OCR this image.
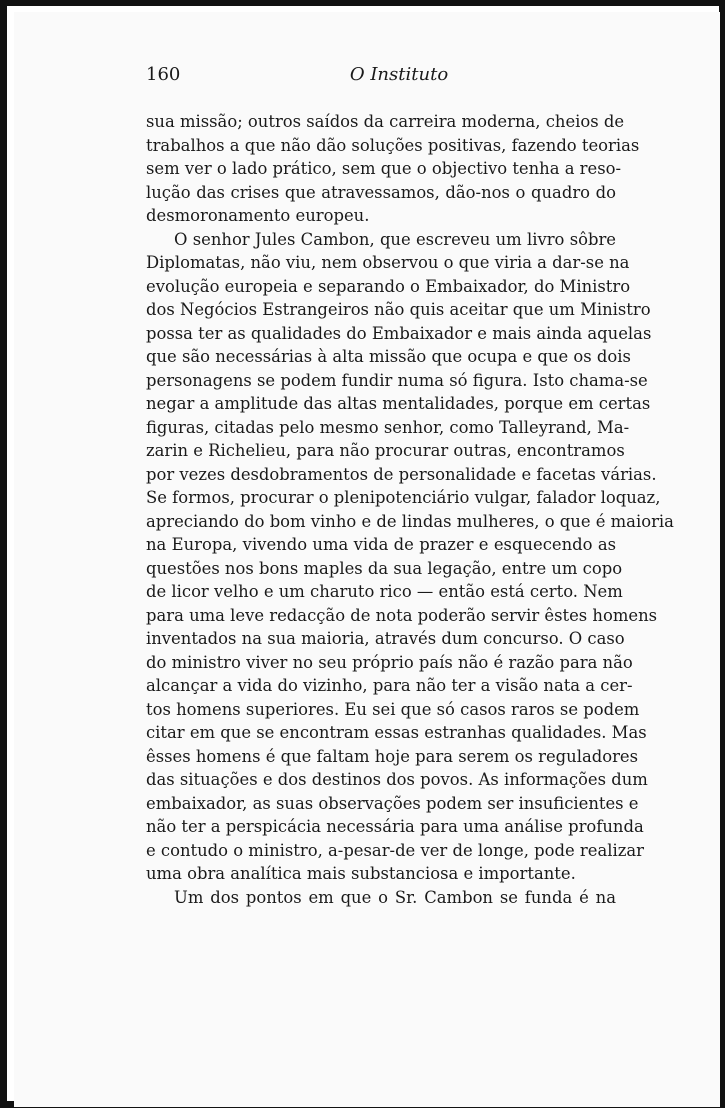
160	O Instituto
sua missão; outros saídos da carreira moderna, cheios de
trabalhos a que não dão soluções positivas, fazendo teorias
sem ver o lado prático, sem que o objectivo tenha a reso-
lução das crises que atravessamos, dão-nos o quadro do
desmoronamento europeu.
O senhor Jules Cambon, que escreveu um livro sôbre
Diplomatas, não viu, nem observou o que viria a dar-se na
evolução europeia e separando o Embaixador, do Ministro
dos Negócios Estrangeiros não quis aceitar que um Ministro
possa ter as qualidades do Embaixador e mais ainda aquelas
que são necessárias à alta missão que ocupa e que os dois
personagens se podem fundir numa só figura. Isto chama-se
negar a amplitude das altas mentalidades, porque em certas
figuras, citadas pelo mesmo senhor, como Talleyrand, Ma-
zarin e Richelieu, para não procurar outras, encontramos
por vezes desdobramentos de personalidade e facetas várias.
Se formos, procurar o plenipotenciário vulgar, falador loquaz,
apreciando do bom vinho e de lindas mulheres, o que é maioria
na Europa, vivendo uma vida de prazer e esquecendo as
questões nos bons maples da sua legação, entre um copo
de licor velho e um charuto rico — então está certo. Nem
para uma leve redacção de nota poderão servir êstes homens
inventados na sua maioria, através dum concurso. O caso
do ministro viver no seu próprio país não é razão para não
alcançar a vida do vizinho, para não ter a visão nata a cer-
tos homens superiores. Eu sei que só casos raros se podem
citar em que se encontram essas estranhas qualidades. Mas
êsses homens é que faltam hoje para serem os reguladores
das situações e dos destinos dos povos. As informações dum
embaixador, as suas observações podem ser insuficientes e
não ter a perspicácia necessária para uma análise profunda
e contudo o ministro, a-pesar-de ver de longe, pode realizar
uma obra analítica mais substanciosa e importante.
Um dos pontos em que o Sr. Cambon se funda é na
